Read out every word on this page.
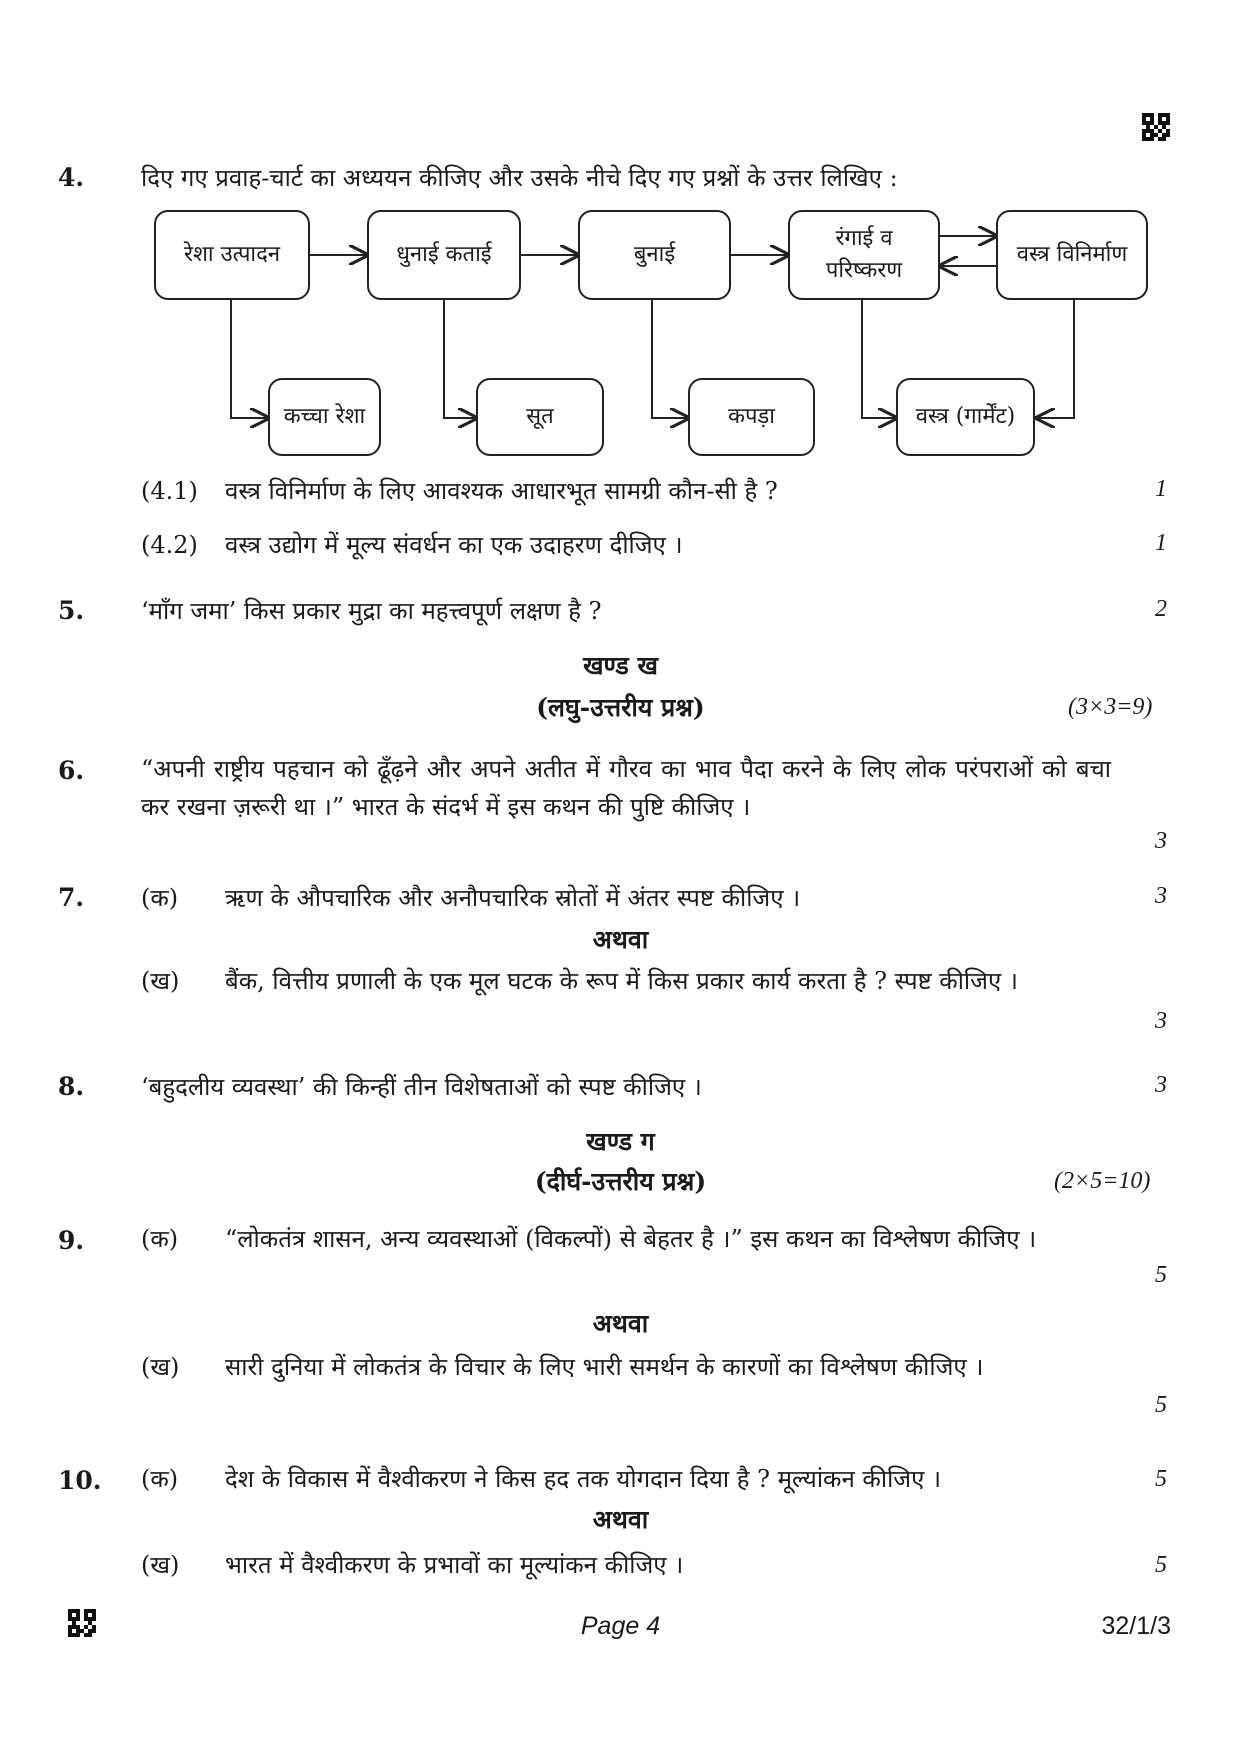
4. दिए गए प्रवाह-चार्ट का अध्ययन कीजिए और उसके नीचे दिए गए प्रश्नों के उत्तर लिखिए :
रेशा उत्पादन	धुनाई कताई	बुनाई
रंगाई व परिष्करण
वस्त्र विनिर्माण
कच्चा रेशा	सूत	कपड़ा	वस्त्र (गार्मेंट)
(4.1) वस्त्र विनिर्माण के लिए आवश्यक आधारभूत सामग्री कौन-सी है ?	1
(4.2) वस्त्र उद्योग में मूल्य संवर्धन का एक उदाहरण दीजिए ।	1
5. ‘माँग जमा’ किस प्रकार मुद्रा का महत्त्वपूर्ण लक्षण है ?	2
खण्ड ख
(लघु-उत्तरीय प्रश्न)	(3×3=9)
6. “अपनी राष्ट्रीय पहचान को ढूँढ़ने और अपने अतीत में गौरव का भाव पैदा करने के लिए लोक परंपराओं को बचा कर रखना ज़रूरी था ।” भारत के संदर्भ में इस कथन की पुष्टि कीजिए ।
3
7. (क) ऋण के औपचारिक और अनौपचारिक स्रोतों में अंतर स्पष्ट कीजिए ।	3
अथवा
(ख) बैंक, वित्तीय प्रणाली के एक मूल घटक के रूप में किस प्रकार कार्य करता है ? स्पष्ट कीजिए ।
3
8. ‘बहुदलीय व्यवस्था’ की किन्हीं तीन विशेषताओं को स्पष्ट कीजिए ।	3
खण्ड ग
(दीर्घ-उत्तरीय प्रश्न)	(2×5=10)
9. (क) “लोकतंत्र शासन, अन्य व्यवस्थाओं (विकल्पों) से बेहतर है ।” इस कथन का विश्लेषण कीजिए ।
5
अथवा
(ख) सारी दुनिया में लोकतंत्र के विचार के लिए भारी समर्थन के कारणों का विश्लेषण कीजिए ।
5
10. (क) देश के विकास में वैश्वीकरण ने किस हद तक योगदान दिया है ? मूल्यांकन कीजिए ।	5
अथवा
(ख) भारत में वैश्वीकरण के प्रभावों का मूल्यांकन कीजिए ।	5
Page 4	32/1/3
